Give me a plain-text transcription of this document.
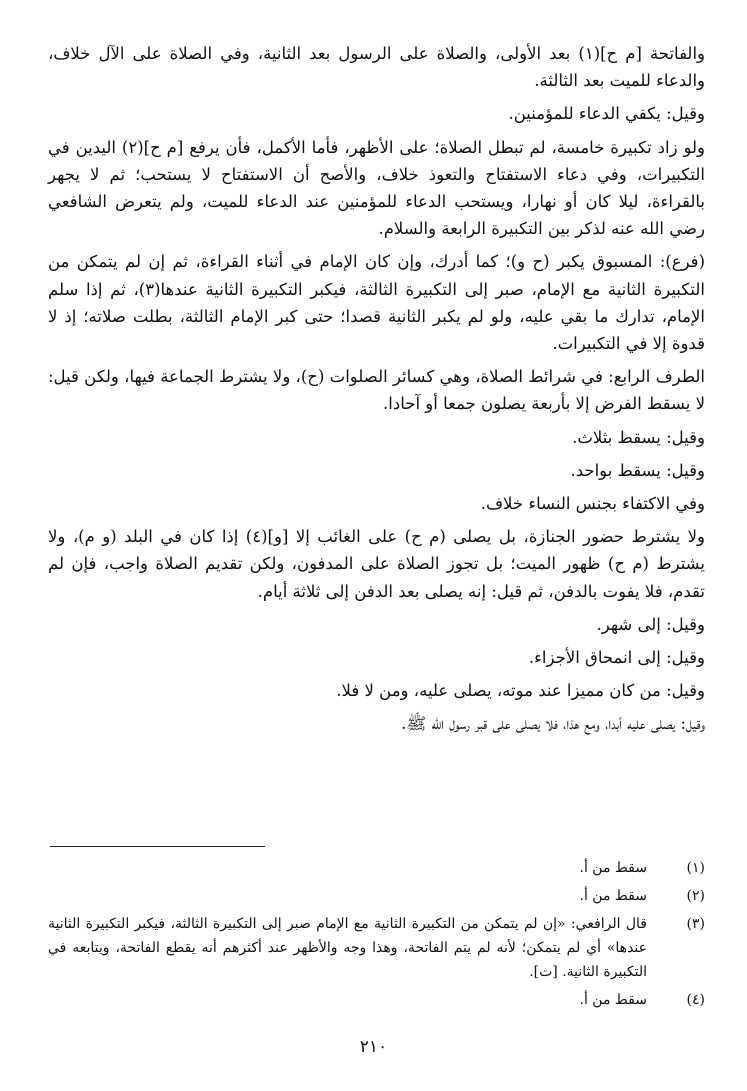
والفاتحة [م ح](١) بعد الأولى، والصلاة على الرسول بعد الثانية، وفي الصلاة على الآل خلاف، والدعاء للميت بعد الثالثة.

وقيل: يكفي الدعاء للمؤمنين.

ولو زاد تكبيرة خامسة، لم تبطل الصلاة؛ على الأظهر، فأما الأكمل، فأن يرفع [م ح](٢) اليدين في التكبيرات، وفي دعاء الاستفتاح والتعوذ خلاف، والأصح أن الاستفتاح لا يستحب؛ ثم لا يجهر بالقراءة، ليلا كان أو نهارا، ويستحب الدعاء للمؤمنين عند الدعاء للميت، ولم يتعرض الشافعي رضي الله عنه لذكر بين التكبيرة الرابعة والسلام.

(فرع): المسبوق يكبر (ح و)؛ كما أدرك، وإن كان الإمام في أثناء القراءة، ثم إن لم يتمكن من التكبيرة الثانية مع الإمام، صبر إلى التكبيرة الثالثة، فيكبر التكبيرة الثانية عندها(٣)، ثم إذا سلم الإمام، تدارك ما بقي عليه، ولو لم يكبر الثانية قصدا؛ حتى كبر الإمام الثالثة، بطلت صلاته؛ إذ لا قدوة إلا في التكبيرات.

الطرف الرابع: في شرائط الصلاة، وهي كسائر الصلوات (ح)، ولا يشترط الجماعة فيها، ولكن قيل: لا يسقط الفرض إلا بأربعة يصلون جمعا أو آحادا.

وقيل: يسقط بثلاث.

وقيل: يسقط بواحد.

وفي الاكتفاء بجنس النساء خلاف.

ولا يشترط حضور الجنازة، بل يصلى (م ح) على الغائب إلا [و](٤) إذا كان في البلد (و م)، ولا يشترط (م ح) ظهور الميت؛ بل تجوز الصلاة على المدفون، ولكن تقديم الصلاة واجب، فإن لم تقدم، فلا يفوت بالدفن، ثم قيل: إنه يصلى بعد الدفن إلى ثلاثة أيام.

وقيل: إلى شهر.

وقيل: إلى انمحاق الأجزاء.

وقيل: من كان مميزا عند موته، يصلى عليه، ومن لا فلا.

وقيل: يصلى عليه أبدا، ومع هذا، فلا يصلى على قبر رسول الله ﷺ.

(١)
سقط من أ.
(٢)
سقط من أ.
(٣)
قال الرافعي: «إن لم يتمكن من التكبيرة الثانية مع الإمام صبر إلى التكبيرة الثالثة، فيكبر التكبيرة الثانية عندها» أي لم يتمكن؛ لأنه لم يتم الفاتحة، وهذا وجه والأظهر عند أكثرهم أنه يقطع الفاتحة، ويتابعه في التكبيرة الثانية. [ت].
(٤)
سقط من أ.
٢١٠
